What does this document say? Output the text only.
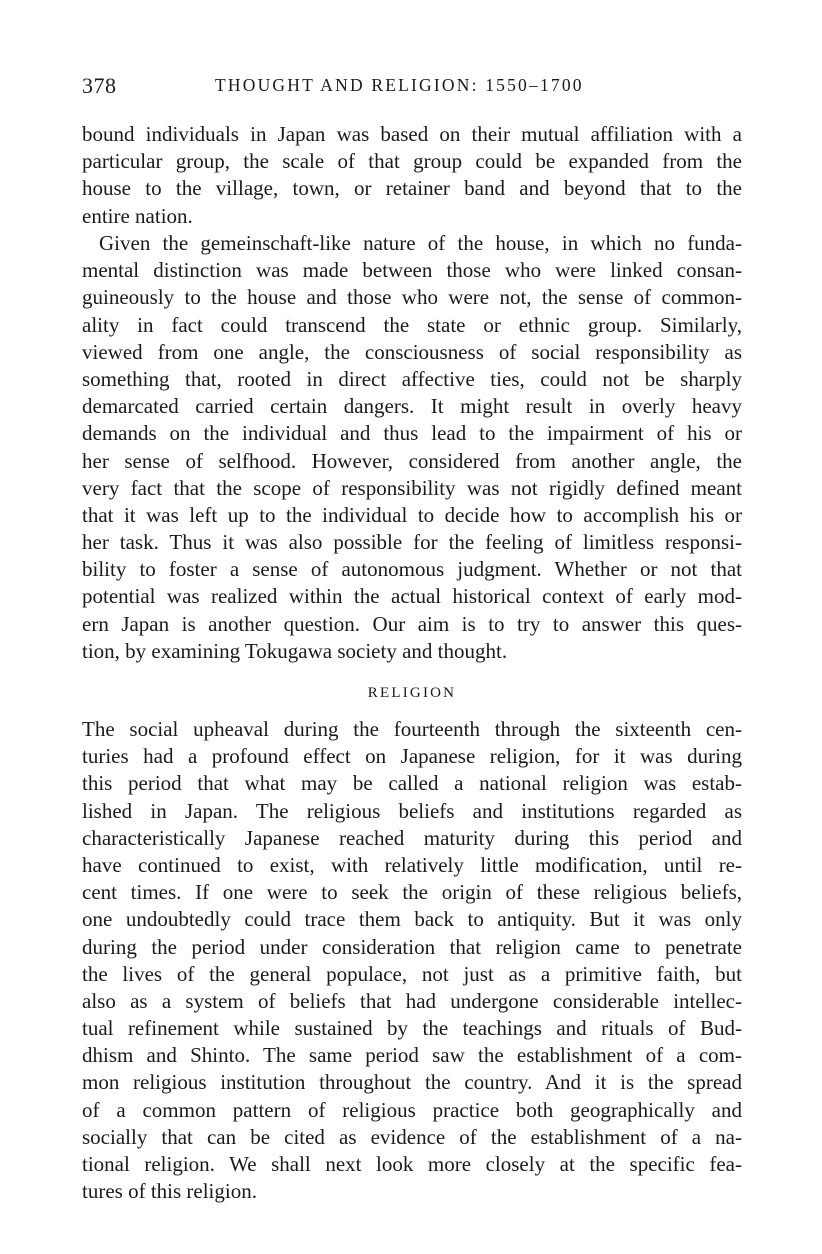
378	THOUGHT AND RELIGION: 1550–1700
bound individuals in Japan was based on their mutual affiliation with a
particular group, the scale of that group could be expanded from the
house to the village, town, or retainer band and beyond that to the
entire nation.
Given the gemeinschaft-like nature of the house, in which no funda-
mental distinction was made between those who were linked consan-
guineously to the house and those who were not, the sense of common-
ality in fact could transcend the state or ethnic group. Similarly,
viewed from one angle, the consciousness of social responsibility as
something that, rooted in direct affective ties, could not be sharply
demarcated carried certain dangers. It might result in overly heavy
demands on the individual and thus lead to the impairment of his or
her sense of selfhood. However, considered from another angle, the
very fact that the scope of responsibility was not rigidly defined meant
that it was left up to the individual to decide how to accomplish his or
her task. Thus it was also possible for the feeling of limitless responsi-
bility to foster a sense of autonomous judgment. Whether or not that
potential was realized within the actual historical context of early mod-
ern Japan is another question. Our aim is to try to answer this ques-
tion, by examining Tokugawa society and thought.
RELIGION
The social upheaval during the fourteenth through the sixteenth cen-
turies had a profound effect on Japanese religion, for it was during
this period that what may be called a national religion was estab-
lished in Japan. The religious beliefs and institutions regarded as
characteristically Japanese reached maturity during this period and
have continued to exist, with relatively little modification, until re-
cent times. If one were to seek the origin of these religious beliefs,
one undoubtedly could trace them back to antiquity. But it was only
during the period under consideration that religion came to penetrate
the lives of the general populace, not just as a primitive faith, but
also as a system of beliefs that had undergone considerable intellec-
tual refinement while sustained by the teachings and rituals of Bud-
dhism and Shinto. The same period saw the establishment of a com-
mon religious institution throughout the country. And it is the spread
of a common pattern of religious practice both geographically and
socially that can be cited as evidence of the establishment of a na-
tional religion. We shall next look more closely at the specific fea-
tures of this religion.
